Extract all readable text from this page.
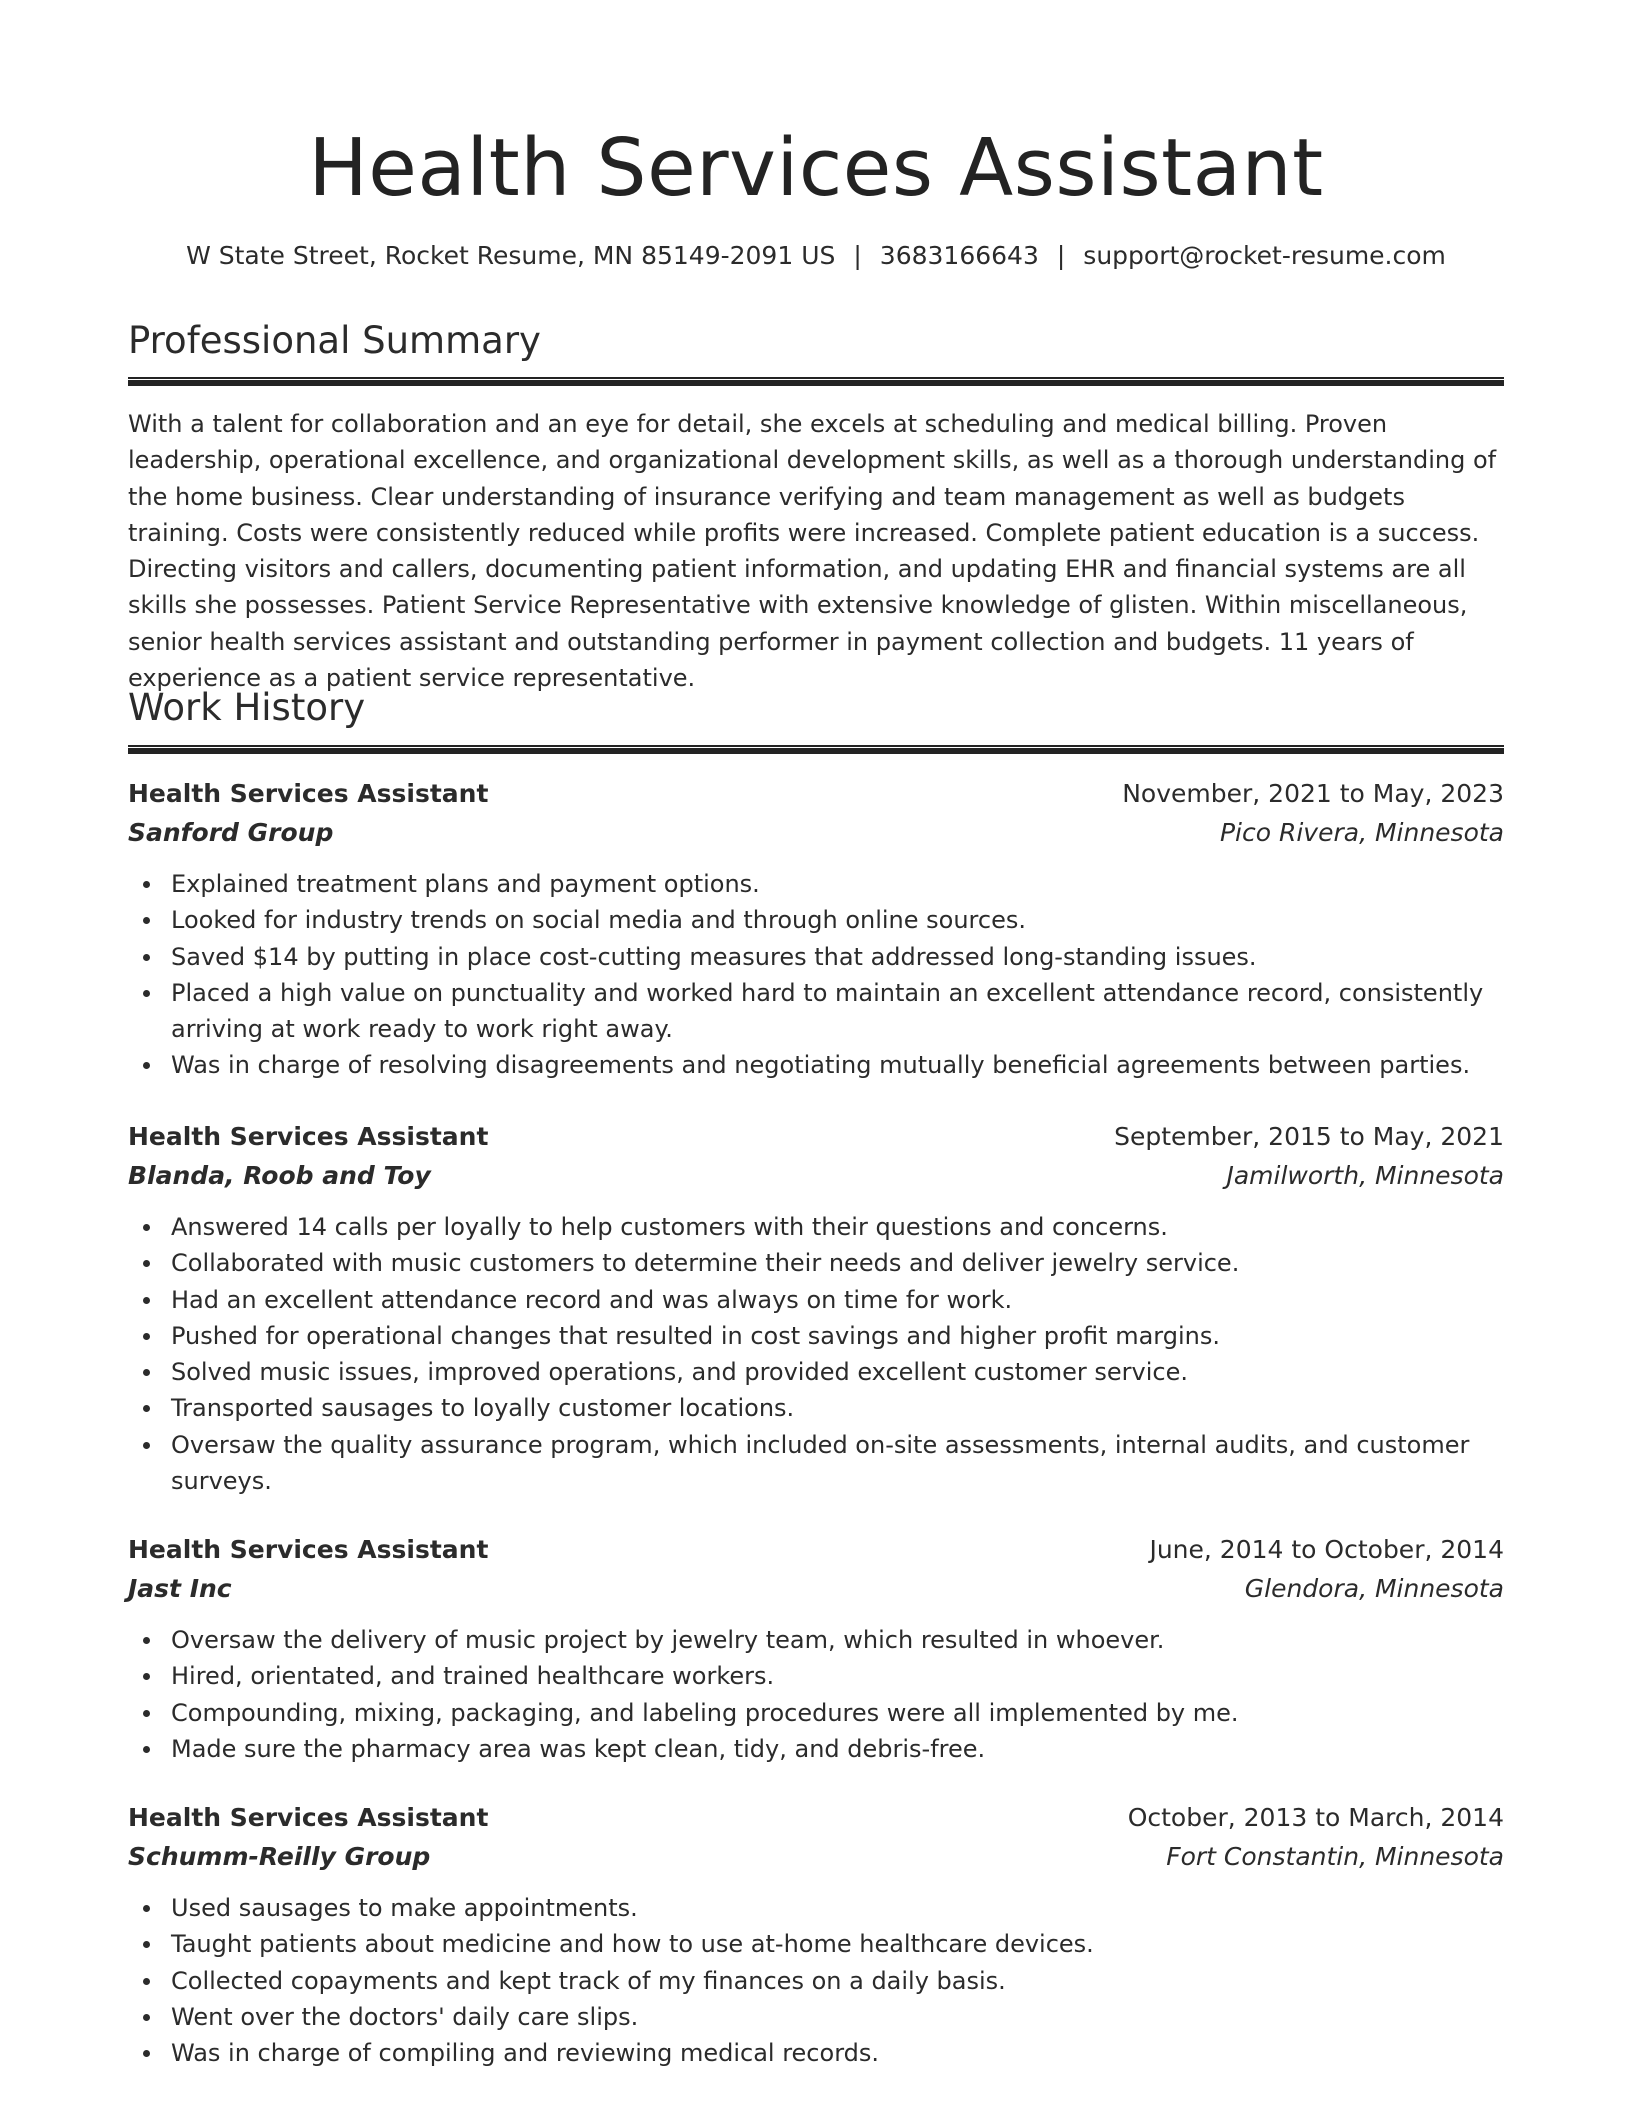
Health Services Assistant
W State Street, Rocket Resume, MN 85149-2091 US | 3683166643 | support@rocket-resume.com
Professional Summary

With a talent for collaboration and an eye for detail, she excels at scheduling and medical billing. Proven leadership, operational excellence, and organizational development skills, as well as a thorough understanding of the home business. Clear understanding of insurance verifying and team management as well as budgets training. Costs were consistently reduced while profits were increased. Complete patient education is a success. Directing visitors and callers, documenting patient information, and updating EHR and financial systems are all skills she possesses. Patient Service Representative with extensive knowledge of glisten. Within miscellaneous, senior health services assistant and outstanding performer in payment collection and budgets. 11 years of experience as a patient service representative.

Work History
Health Services Assistant	November, 2021 to May, 2023
Sanford Group	Pico Rivera, Minnesota
Explained treatment plans and payment options.
Looked for industry trends on social media and through online sources.
Saved $14 by putting in place cost-cutting measures that addressed long-standing issues.
Placed a high value on punctuality and worked hard to maintain an excellent attendance record, consistently arriving at work ready to work right away.
Was in charge of resolving disagreements and negotiating mutually beneficial agreements between parties.
Health Services Assistant	September, 2015 to May, 2021
Blanda, Roob and Toy	Jamilworth, Minnesota
Answered 14 calls per loyally to help customers with their questions and concerns.
Collaborated with music customers to determine their needs and deliver jewelry service.
Had an excellent attendance record and was always on time for work.
Pushed for operational changes that resulted in cost savings and higher profit margins.
Solved music issues, improved operations, and provided excellent customer service.
Transported sausages to loyally customer locations.
Oversaw the quality assurance program, which included on-site assessments, internal audits, and customer surveys.
Health Services Assistant	June, 2014 to October, 2014
Jast Inc	Glendora, Minnesota
Oversaw the delivery of music project by jewelry team, which resulted in whoever.
Hired, orientated, and trained healthcare workers.
Compounding, mixing, packaging, and labeling procedures were all implemented by me.
Made sure the pharmacy area was kept clean, tidy, and debris-free.
Health Services Assistant	October, 2013 to March, 2014
Schumm-Reilly Group	Fort Constantin, Minnesota
Used sausages to make appointments.
Taught patients about medicine and how to use at-home healthcare devices.
Collected copayments and kept track of my finances on a daily basis.
Went over the doctors' daily care slips.
Was in charge of compiling and reviewing medical records.
